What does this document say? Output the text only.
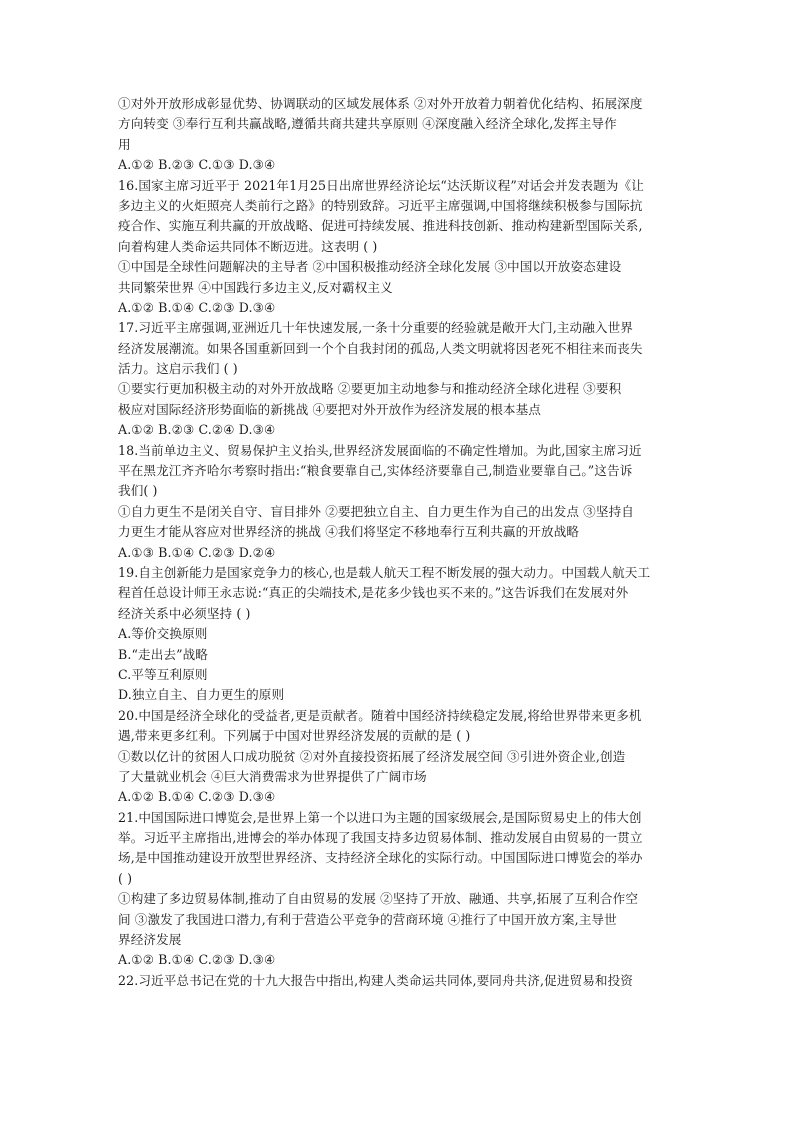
①对外开放形成彰显优势、协调联动的区域发展体系 ②对外开放着力朝着优化结构、拓展深度
方向转变 ③奉行互利共赢战略,遵循共商共建共享原则 ④深度融入经济全球化,发挥主导作
用
A.①② B.②③ C.①③ D.③④
16.国家主席习近平于 2021年1月25日出席世界经济论坛“达沃斯议程”对话会并发表题为《让
多边主义的火炬照亮人类前行之路》的特别致辞。习近平主席强调,中国将继续积极参与国际抗
疫合作、实施互利共赢的开放战略、促进可持续发展、推进科技创新、推动构建新型国际关系,
向着构建人类命运共同体不断迈进。这表明 ( )
①中国是全球性问题解决的主导者 ②中国积极推动经济全球化发展 ③中国以开放姿态建设
共同繁荣世界 ④中国践行多边主义,反对霸权主义
A.①② B.①④ C.②③ D.③④
17.习近平主席强调,亚洲近几十年快速发展,一条十分重要的经验就是敞开大门,主动融入世界
经济发展潮流。如果各国重新回到一个个自我封闭的孤岛,人类文明就将因老死不相往来而丧失
活力。这启示我们 ( )
①要实行更加积极主动的对外开放战略 ②要更加主动地参与和推动经济全球化进程 ③要积
极应对国际经济形势面临的新挑战 ④要把对外开放作为经济发展的根本基点
A.①② B.②③ C.②④ D.③④
18.当前单边主义、贸易保护主义抬头,世界经济发展面临的不确定性增加。为此,国家主席习近
平在黑龙江齐齐哈尔考察时指出:“粮食要靠自己,实体经济要靠自己,制造业要靠自己。”这告诉
我们( )
①自力更生不是闭关自守、盲目排外 ②要把独立自主、自力更生作为自己的出发点 ③坚持自
力更生才能从容应对世界经济的挑战 ④我们将坚定不移地奉行互利共赢的开放战略
A.①③ B.①④ C.②③ D.②④
19.自主创新能力是国家竞争力的核心,也是载人航天工程不断发展的强大动力。中国载人航天工
程首任总设计师王永志说:“真正的尖端技术,是花多少钱也买不来的。”这告诉我们在发展对外
经济关系中必须坚持 ( )
A.等价交换原则
B.“走出去”战略
C.平等互利原则
D.独立自主、自力更生的原则
20.中国是经济全球化的受益者,更是贡献者。随着中国经济持续稳定发展,将给世界带来更多机
遇,带来更多红利。下列属于中国对世界经济发展的贡献的是 ( )
①数以亿计的贫困人口成功脱贫 ②对外直接投资拓展了经济发展空间 ③引进外资企业,创造
了大量就业机会 ④巨大消费需求为世界提供了广阔市场
A.①② B.①④ C.②③ D.③④
21.中国国际进口博览会,是世界上第一个以进口为主题的国家级展会,是国际贸易史上的伟大创
举。习近平主席指出,进博会的举办体现了我国支持多边贸易体制、推动发展自由贸易的一贯立
场,是中国推动建设开放型世界经济、支持经济全球化的实际行动。中国国际进口博览会的举办
( )
①构建了多边贸易体制,推动了自由贸易的发展 ②坚持了开放、融通、共享,拓展了互利合作空
间 ③激发了我国进口潜力,有利于营造公平竞争的营商环境 ④推行了中国开放方案,主导世
界经济发展
A.①② B.①④ C.②③ D.③④
22.习近平总书记在党的十九大报告中指出,构建人类命运共同体,要同舟共济,促进贸易和投资
